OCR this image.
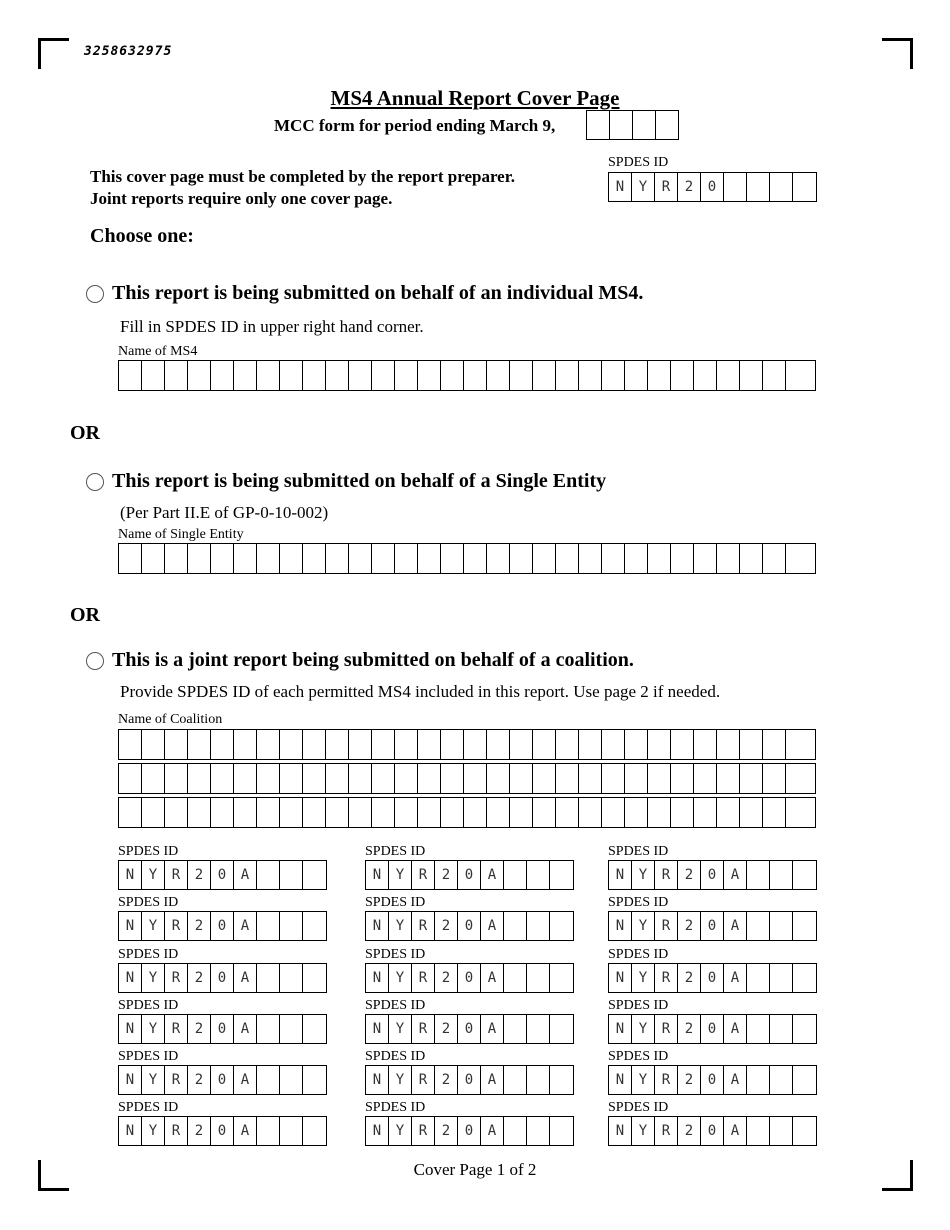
3258632975
MS4 Annual Report Cover Page
MCC form for period ending March 9,
This cover page must be completed by the report preparer.
Joint reports require only one cover page.
SPDES ID
N	Y	R	2	0
Choose one:
This report is being submitted on behalf of an individual MS4.
Fill in SPDES ID in upper right hand corner.
Name of MS4
OR
This report is being submitted on behalf of a Single Entity
(Per Part II.E of GP-0-10-002)
Name of Single Entity
OR
This is a joint report being submitted on behalf of a coalition.
Provide SPDES ID of each permitted MS4 included in this report. Use page 2 if needed.
Name of Coalition
SPDES ID
N	Y	R	2	0	A
SPDES ID
N	Y	R	2	0	A
SPDES ID
N	Y	R	2	0	A
SPDES ID
N	Y	R	2	0	A
SPDES ID
N	Y	R	2	0	A
SPDES ID
N	Y	R	2	0	A
SPDES ID
N	Y	R	2	0	A
SPDES ID
N	Y	R	2	0	A
SPDES ID
N	Y	R	2	0	A
SPDES ID
N	Y	R	2	0	A
SPDES ID
N	Y	R	2	0	A
SPDES ID
N	Y	R	2	0	A
SPDES ID
N	Y	R	2	0	A
SPDES ID
N	Y	R	2	0	A
SPDES ID
N	Y	R	2	0	A
SPDES ID
N	Y	R	2	0	A
SPDES ID
N	Y	R	2	0	A
SPDES ID
N	Y	R	2	0	A
Cover Page 1 of 2
